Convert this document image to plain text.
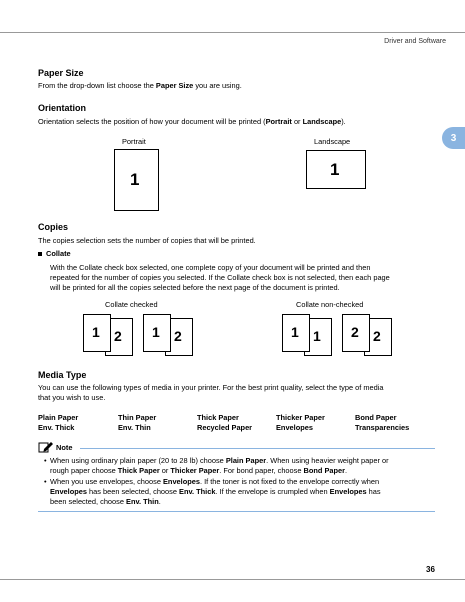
Driver and Software
3
Paper Size
From the drop-down list choose the Paper Size you are using.
Orientation
Orientation selects the position of how your document will be printed (Portrait or Landscape).
Portrait
1
Landscape
1
Copies
The copies selection sets the number of copies that will be printed.
Collate
With the Collate check box selected, one complete copy of your document will be printed and then
repeated for the number of copies you selected. If the Collate check box is not selected, then each page
will be printed for all the copies selected before the next page of the document is printed.
Collate checked	Collate non-checked
2
1	2
1	1
1	2
2
Media Type
You can use the following types of media in your printer. For the best print quality, select the type of media
that you wish to use.
Plain Paper	Thin Paper	Thick Paper	Thicker Paper	Bond Paper
Env. Thick	Env. Thin	Recycled Paper	Envelopes	Transparencies
Note
• When using ordinary plain paper (20 to 28 lb) choose Plain Paper. When using heavier weight paper or
rough paper choose Thick Paper or Thicker Paper. For bond paper, choose Bond Paper.
• When you use envelopes, choose Envelopes. If the toner is not fixed to the envelope correctly when
Envelopes has been selected, choose Env. Thick. If the envelope is crumpled when Envelopes has
been selected, choose Env. Thin.
36
